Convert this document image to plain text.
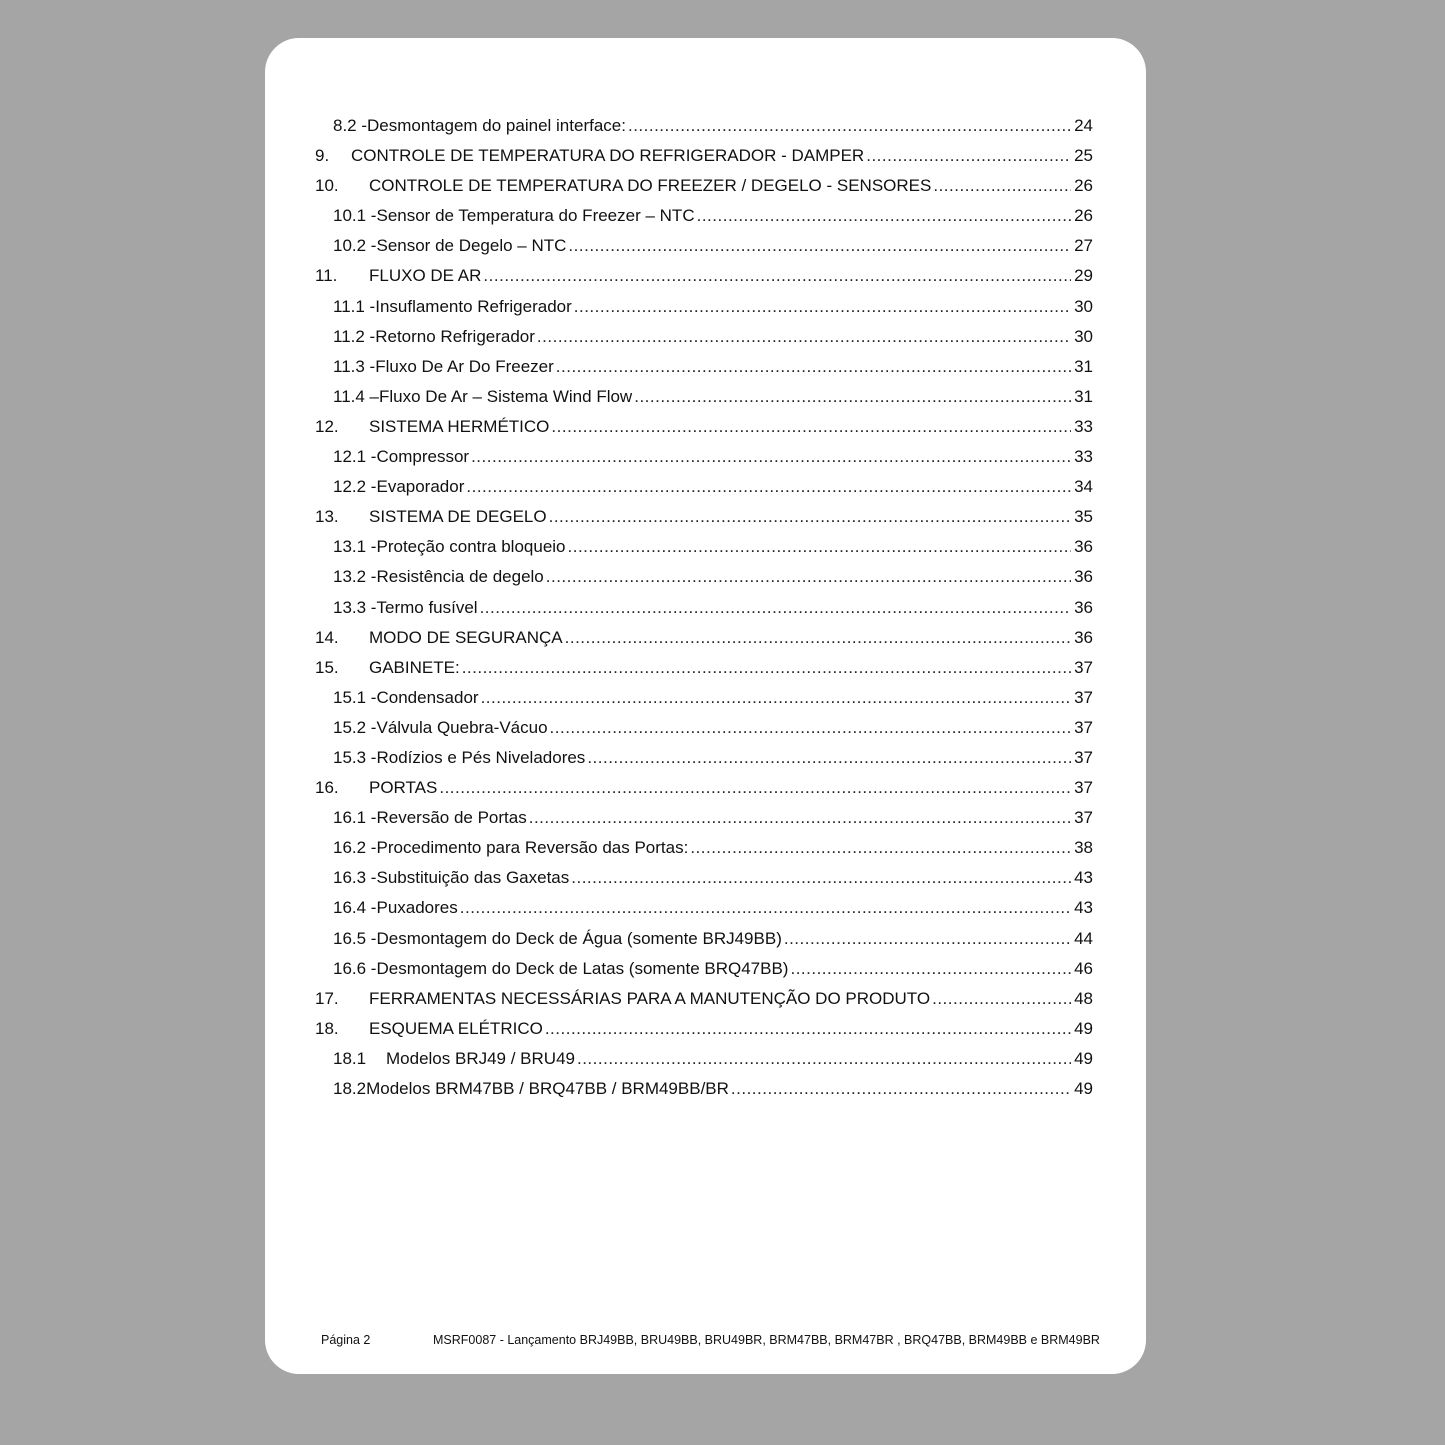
8.2 - Desmontagem do painel interface: .....	24
9.	CONTROLE DE TEMPERATURA DO REFRIGERADOR - DAMPER .....	25
10.	CONTROLE DE TEMPERATURA DO FREEZER / DEGELO - SENSORES .....	26
10.1 - Sensor de Temperatura do Freezer – NTC .....	26
10.2 - Sensor de Degelo – NTC .....	27
11.	FLUXO DE AR .....	29
11.1 - Insuflamento Refrigerador .....	30
11.2 - Retorno Refrigerador .....	30
11.3 - Fluxo De Ar Do Freezer .....	31
11.4 – Fluxo De Ar – Sistema Wind Flow .....	31
12.	SISTEMA HERMÉTICO .....	33
12.1 - Compressor .....	33
12.2 - Evaporador .....	34
13.	SISTEMA DE DEGELO .....	35
13.1 - Proteção contra bloqueio .....	36
13.2 - Resistência de degelo .....	36
13.3 - Termo fusível .....	36
14.	MODO DE SEGURANÇA .....	36
15.	GABINETE: .....	37
15.1 - Condensador .....	37
15.2 - Válvula Quebra-Vácuo .....	37
15.3 - Rodízios e Pés Niveladores .....	37
16.	PORTAS .....	37
16.1 - Reversão de Portas .....	37
16.2 - Procedimento para Reversão das Portas: .....	38
16.3 - Substituição das Gaxetas .....	43
16.4 - Puxadores .....	43
16.5 - Desmontagem do Deck de Água (somente BRJ49BB) .....	44
16.6 - Desmontagem do Deck de Latas (somente BRQ47BB) .....	46
17.	FERRAMENTAS NECESSÁRIAS PARA A MANUTENÇÃO DO PRODUTO .....	48
18.	ESQUEMA ELÉTRICO .....	49
18.1	Modelos BRJ49 / BRU49 .....	49
18.2 Modelos BRM47BB / BRQ47BB / BRM49BB/BR .....	49
Página 2	MSRF0087 - Lançamento BRJ49BB, BRU49BB, BRU49BR, BRM47BB, BRM47BR , BRQ47BB, BRM49BB e BRM49BR
